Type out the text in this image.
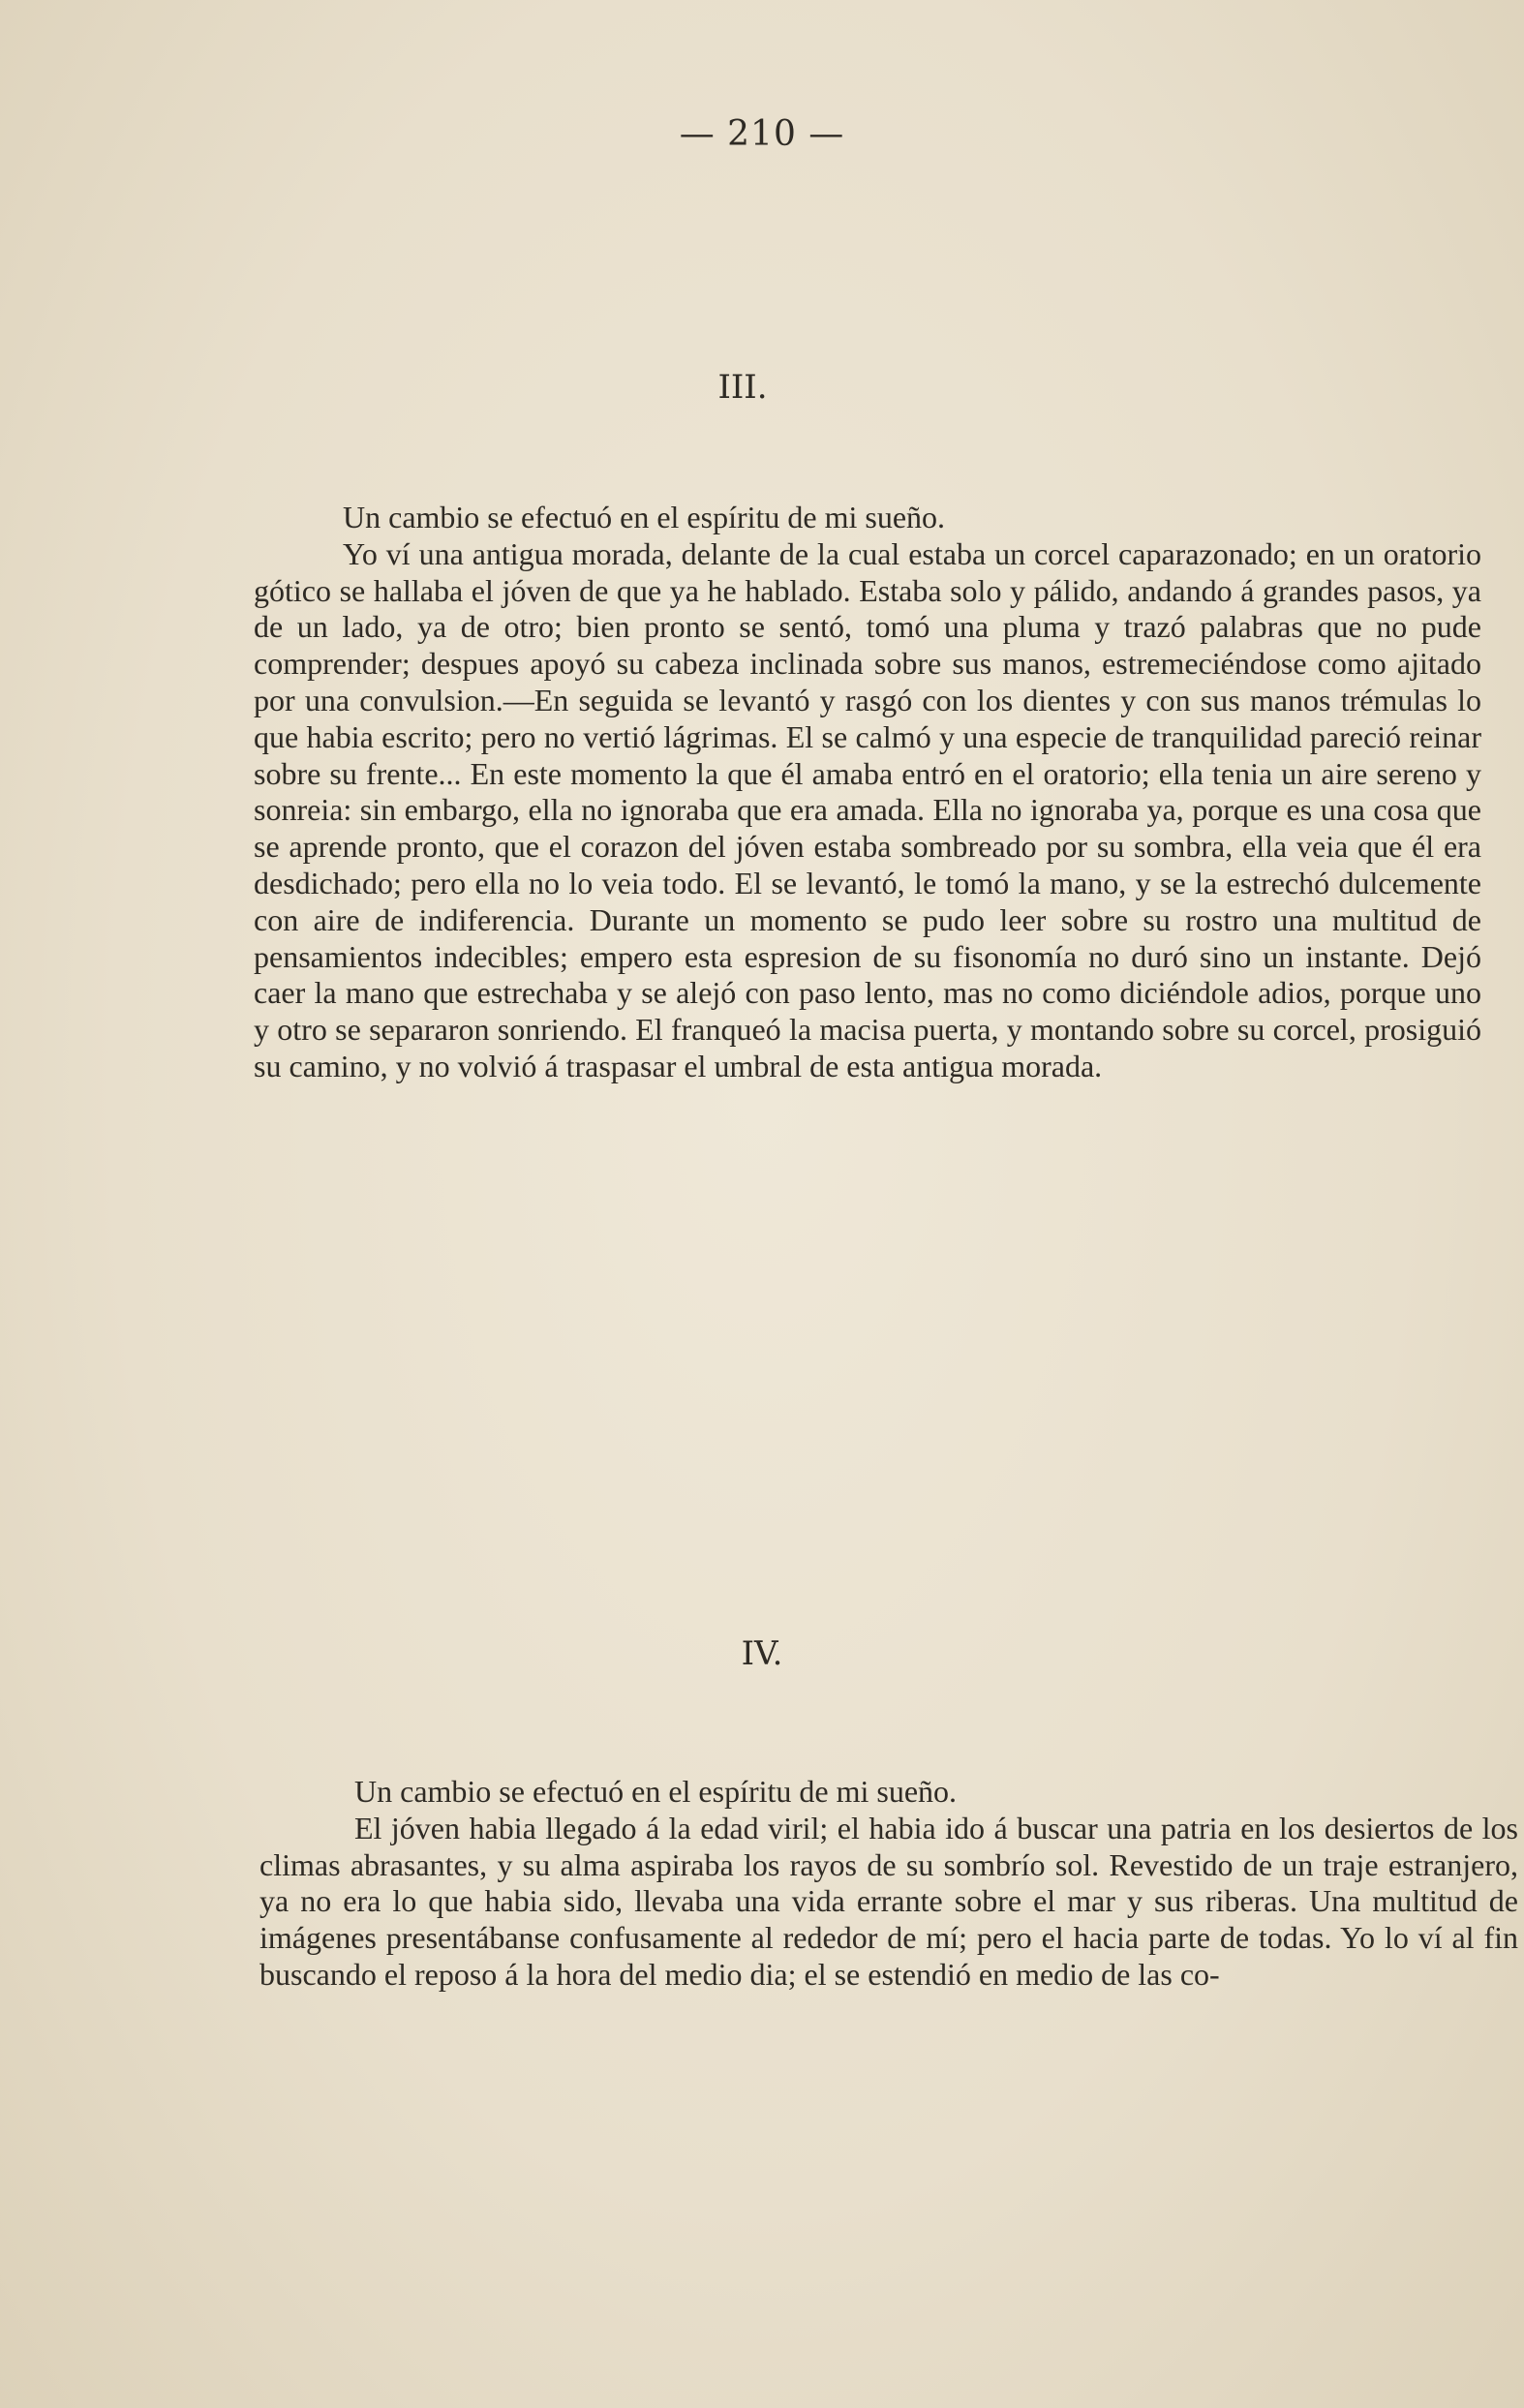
— 210 —
III.

Un cambio se efectuó en el espíritu de mi sueño.

Yo ví una antigua morada, delante de la cual estaba un corcel caparazonado; en un oratorio gótico se hallaba el jóven de que ya he hablado. Estaba solo y pálido, andando á grandes pasos, ya de un lado, ya de otro; bien pronto se sentó, tomó una pluma y trazó palabras que no pude comprender; despues apoyó su cabeza inclinada sobre sus manos, estremeciéndose como ajitado por una convulsion.—En seguida se levantó y rasgó con los dientes y con sus manos trémulas lo que habia escrito; pero no vertió lágrimas. El se calmó y una especie de tranquilidad pareció reinar sobre su frente... En este momento la que él amaba entró en el oratorio; ella tenia un aire sereno y sonreia: sin embargo, ella no ignoraba que era amada. Ella no ignoraba ya, porque es una cosa que se aprende pronto, que el corazon del jóven estaba sombreado por su sombra, ella veia que él era desdichado; pero ella no lo veia todo. El se levantó, le tomó la mano, y se la estrechó dulcemente con aire de indiferencia. Durante un momento se pudo leer sobre su rostro una multitud de pensamientos indecibles; empero esta espresion de su fisonomía no duró sino un instante. Dejó caer la mano que estrechaba y se alejó con paso lento, mas no como diciéndole adios, porque uno y otro se separaron sonriendo. El franqueó la macisa puerta, y montando sobre su corcel, prosiguió su camino, y no volvió á traspasar el umbral de esta antigua morada.

IV.

Un cambio se efectuó en el espíritu de mi sueño.

El jóven habia llegado á la edad viril; el habia ido á buscar una patria en los desiertos de los climas abrasantes, y su alma aspiraba los rayos de su sombrío sol. Revestido de un traje estranjero, ya no era lo que habia sido, llevaba una vida errante sobre el mar y sus riberas. Una multitud de imágenes presentábanse confusamente al rededor de mí; pero el hacia parte de todas. Yo lo ví al fin buscando el reposo á la hora del medio dia; el se estendió en medio de las co-
